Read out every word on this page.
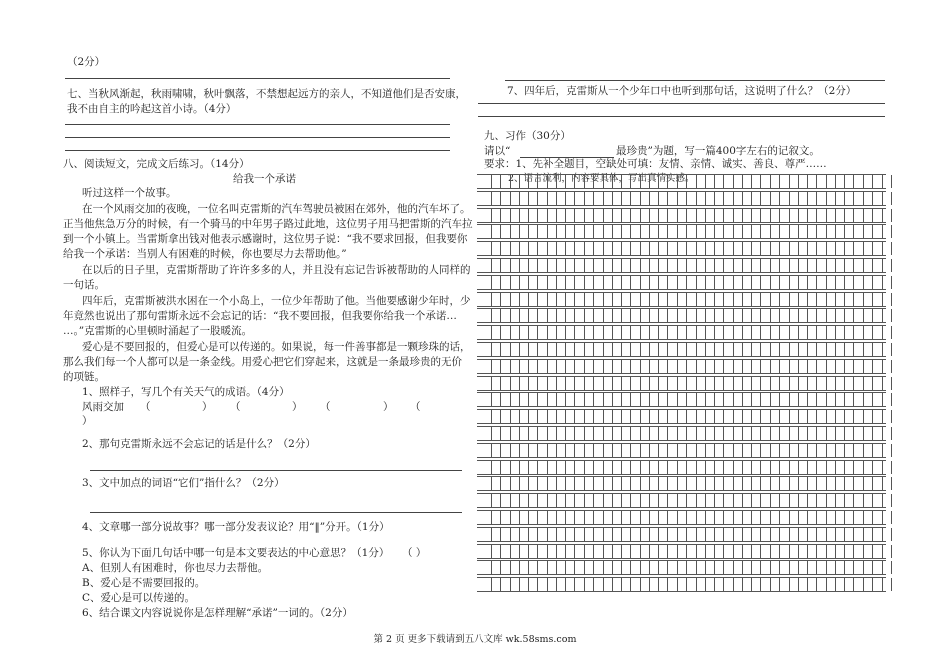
（2分）
七、当秋风渐起，秋雨啸啸，秋叶飘落，不禁想起远方的亲人，不知道他们是否安康，
我不由自主的吟起这首小诗。（4分）
八、阅读短文，完成文后练习。（14分）
给我一个承诺
听过这样一个故事。
在一个风雨交加的夜晚，一位名叫克雷斯的汽车驾驶员被困在郊外，他的汽车坏了。
正当他焦急万分的时候，有一个骑马的中年男子路过此地，这位男子用马把雷斯的汽车拉
到一个小镇上。当雷斯拿出钱对他表示感谢时，这位男子说：“我不要求回报，但我要你
给我一个承诺：当别人有困难的时候，你也要尽力去帮助他。”
在以后的日子里，克雷斯帮助了许许多多的人，并且没有忘记告诉被帮助的人同样的
一句话。
四年后，克雷斯被洪水困在一个小岛上，一位少年帮助了他。当他要感谢少年时，少
年竟然也说出了那句雷斯永远不会忘记的话：“我不要回报，但我要你给我一个承诺…
…。”克雷斯的心里顿时涌起了一股暖流。
爱心是不要回报的，但爱心是可以传递的。如果说，每一件善事都是一颗珍珠的话，
那么我们每一个人都可以是一条金线。用爱心把它们穿起来，这就是一条最珍贵的无价
的项链。
1、照样子，写几个有关天气的成语。（4分）
风雨交加 （	） （	） （	） （
）
2、那句克雷斯永远不会忘记的话是什么？（2分）
3、文中加点的词语“它们”指什么？（2分）
4、文章哪一部分说故事？哪一部分发表议论？用“‖”分开。（1分）
5、你认为下面几句话中哪一句是本文要表达的中心意思？（1分） （ ）
A、但别人有困难时，你也尽力去帮他。
B、爱心是不需要回报的。
C、爱心是可以传递的。
6、结合课文内容说说你是怎样理解“承诺”一词的。（2分）
7、四年后，克雷斯从一个少年口中也听到那句话，这说明了什么？（2分）
九、习作（30分）
请以“	最珍贵”为题，写一篇400字左右的记叙文。
要求：1、先补全题目，空缺处可填：友情、亲情、诚实、善良、尊严……
2、语言流利，内容要具体，写出真情实感。
第 2 页 更多下载请到五八文库 wk.58sms.com
